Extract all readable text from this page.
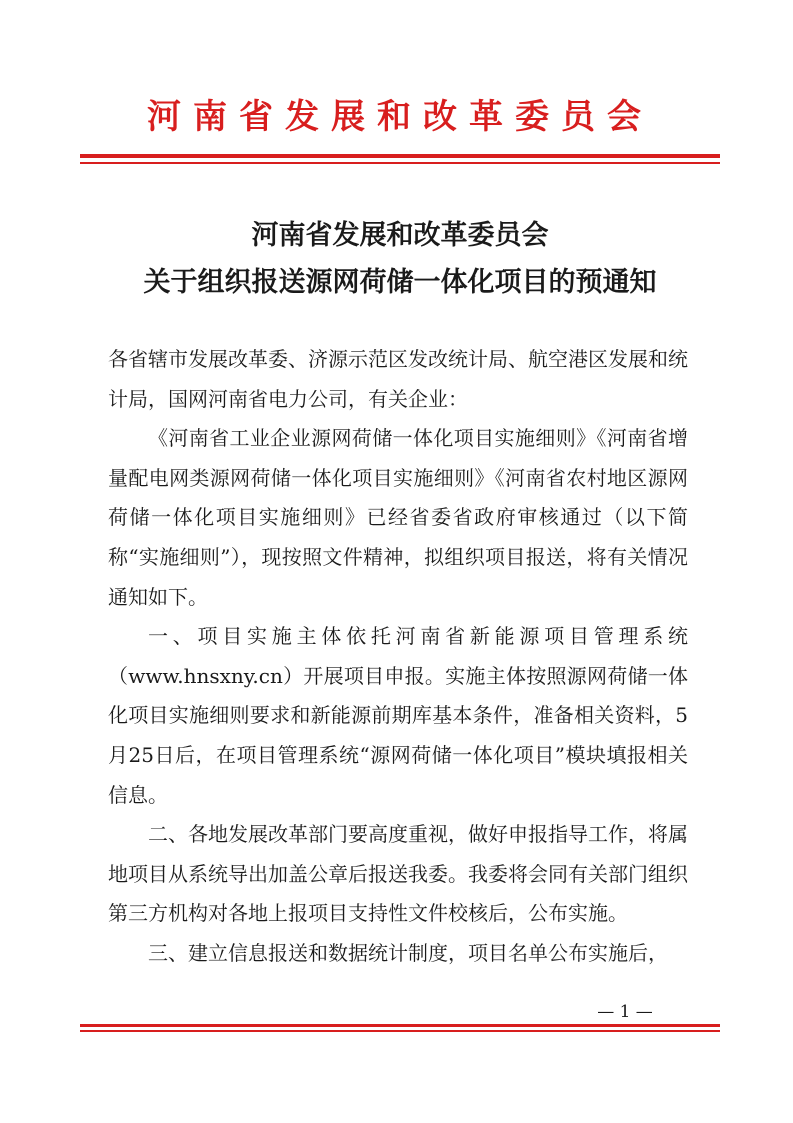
河南省发展和改革委员会
河南省发展和改革委员会
关于组织报送源网荷储一体化项目的预通知

各省辖市发展改革委、济源示范区发改统计局、航空港区发展和统计局，国网河南省电力公司，有关企业：

《河南省工业企业源网荷储一体化项目实施细则》《河南省增量配电网类源网荷储一体化项目实施细则》《河南省农村地区源网荷储一体化项目实施细则》已经省委省政府审核通过（以下简称“实施细则”），现按照文件精神，拟组织项目报送，将有关情况通知如下。

一、项目实施主体依托河南省新能源项目管理系统（www.hnsxny.cn）开展项目申报。实施主体按照源网荷储一体化项目实施细则要求和新能源前期库基本条件，准备相关资料，5月25日后，在项目管理系统“源网荷储一体化项目”模块填报相关信息。

二、各地发展改革部门要高度重视，做好申报指导工作，将属地项目从系统导出加盖公章后报送我委。我委将会同有关部门组织第三方机构对各地上报项目支持性文件校核后，公布实施。

三、建立信息报送和数据统计制度，项目名单公布实施后，

— 1 —
